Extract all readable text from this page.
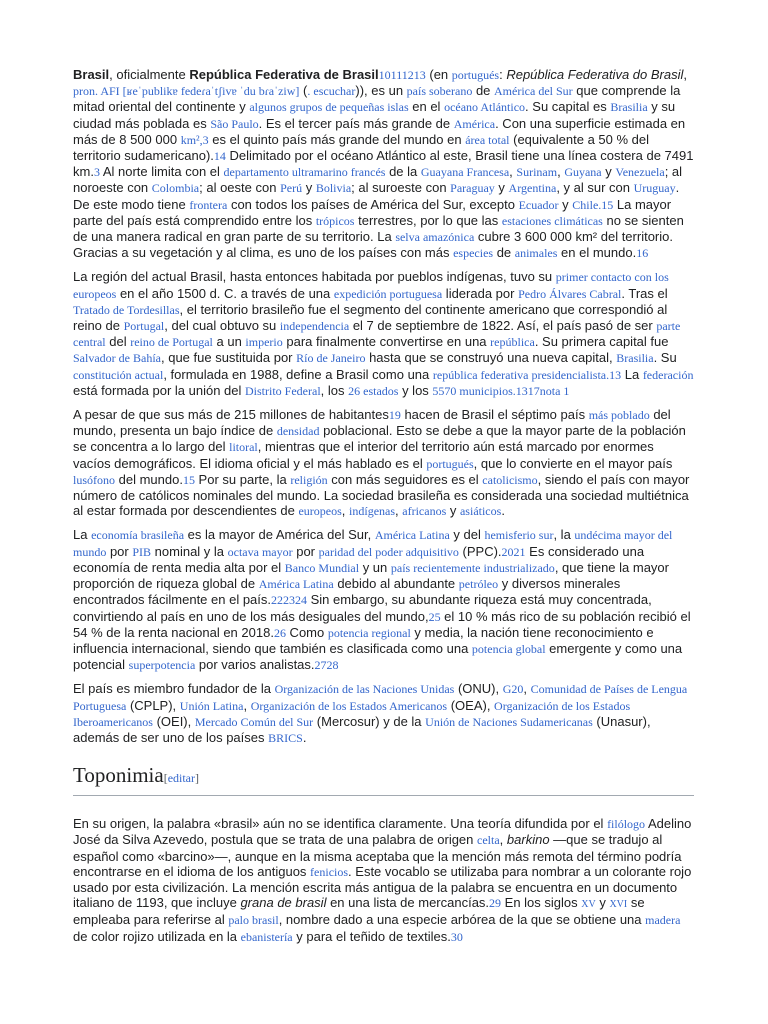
Brasil, oficialmente República Federativa de Brasil10111213 (en portugués: República Federativa do Brasil, pron. AFI [ʁeˈpublikɐ fedeɾaˈtʃivɐ ˈdu bɾaˈziw] (. escuchar)), es un país soberano de América del Sur que comprende la mitad oriental del continente y algunos grupos de pequeñas islas en el océano Atlántico. Su capital es Brasilia y su ciudad más poblada es São Paulo. Es el tercer país más grande de América. Con una superficie estimada en más de 8 500 000 km²,3 es el quinto país más grande del mundo en área total (equivalente a 50 % del territorio sudamericano).14 Delimitado por el océano Atlántico al este, Brasil tiene una línea costera de 7491 km.3 Al norte limita con el departamento ultramarino francés de la Guayana Francesa, Surinam, Guyana y Venezuela; al noroeste con Colombia; al oeste con Perú y Bolivia; al suroeste con Paraguay y Argentina, y al sur con Uruguay. De este modo tiene frontera con todos los países de América del Sur, excepto Ecuador y Chile.15 La mayor parte del país está comprendido entre los trópicos terrestres, por lo que las estaciones climáticas no se sienten de una manera radical en gran parte de su territorio. La selva amazónica cubre 3 600 000 km² del territorio. Gracias a su vegetación y al clima, es uno de los países con más especies de animales en el mundo.16

La región del actual Brasil, hasta entonces habitada por pueblos indígenas, tuvo su primer contacto con los europeos en el año 1500 d. C. a través de una expedición portuguesa liderada por Pedro Álvares Cabral. Tras el Tratado de Tordesillas, el territorio brasileño fue el segmento del continente americano que correspondió al reino de Portugal, del cual obtuvo su independencia el 7 de septiembre de 1822. Así, el país pasó de ser parte central del reino de Portugal a un imperio para finalmente convertirse en una república. Su primera capital fue Salvador de Bahía, que fue sustituida por Río de Janeiro hasta que se construyó una nueva capital, Brasilia. Su constitución actual, formulada en 1988, define a Brasil como una república federativa presidencialista.13 La federación está formada por la unión del Distrito Federal, los 26 estados y los 5570 municipios.1317nota 1

A pesar de que sus más de 215 millones de habitantes19 hacen de Brasil el séptimo país más poblado del mundo, presenta un bajo índice de densidad poblacional. Esto se debe a que la mayor parte de la población se concentra a lo largo del litoral, mientras que el interior del territorio aún está marcado por enormes vacíos demográficos. El idioma oficial y el más hablado es el portugués, que lo convierte en el mayor país lusófono del mundo.15 Por su parte, la religión con más seguidores es el catolicismo, siendo el país con mayor número de católicos nominales del mundo. La sociedad brasileña es considerada una sociedad multiétnica al estar formada por descendientes de europeos, indígenas, africanos y asiáticos.

La economía brasileña es la mayor de América del Sur, América Latina y del hemisferio sur, la undécima mayor del mundo por PIB nominal y la octava mayor por paridad del poder adquisitivo (PPC).2021 Es considerado una economía de renta media alta por el Banco Mundial y un país recientemente industrializado, que tiene la mayor proporción de riqueza global de América Latina debido al abundante petróleo y diversos minerales encontrados fácilmente en el país.222324 Sin embargo, su abundante riqueza está muy concentrada, convirtiendo al país en uno de los más desiguales del mundo,25 el 10 % más rico de su población recibió el 54 % de la renta nacional en 2018.26 Como potencia regional y media, la nación tiene reconocimiento e influencia internacional, siendo que también es clasificada como una potencia global emergente y como una potencial superpotencia por varios analistas.2728

El país es miembro fundador de la Organización de las Naciones Unidas (ONU), G20, Comunidad de Países de Lengua Portuguesa (CPLP), Unión Latina, Organización de los Estados Americanos (OEA), Organización de los Estados Iberoamericanos (OEI), Mercado Común del Sur (Mercosur) y de la Unión de Naciones Sudamericanas (Unasur), además de ser uno de los países BRICS.

Toponimia[editar]

En su origen, la palabra «brasil» aún no se identifica claramente. Una teoría difundida por el filólogo Adelino José da Silva Azevedo, postula que se trata de una palabra de origen celta, barkino —que se tradujo al español como «barcino»—, aunque en la misma aceptaba que la mención más remota del término podría encontrarse en el idioma de los antiguos fenicios. Este vocablo se utilizaba para nombrar a un colorante rojo usado por esta civilización. La mención escrita más antigua de la palabra se encuentra en un documento italiano de 1193, que incluye grana de brasil en una lista de mercancías.29 En los siglos XV y XVI se empleaba para referirse al palo brasil, nombre dado a una especie arbórea de la que se obtiene una madera de color rojizo utilizada en la ebanistería y para el teñido de textiles.30
